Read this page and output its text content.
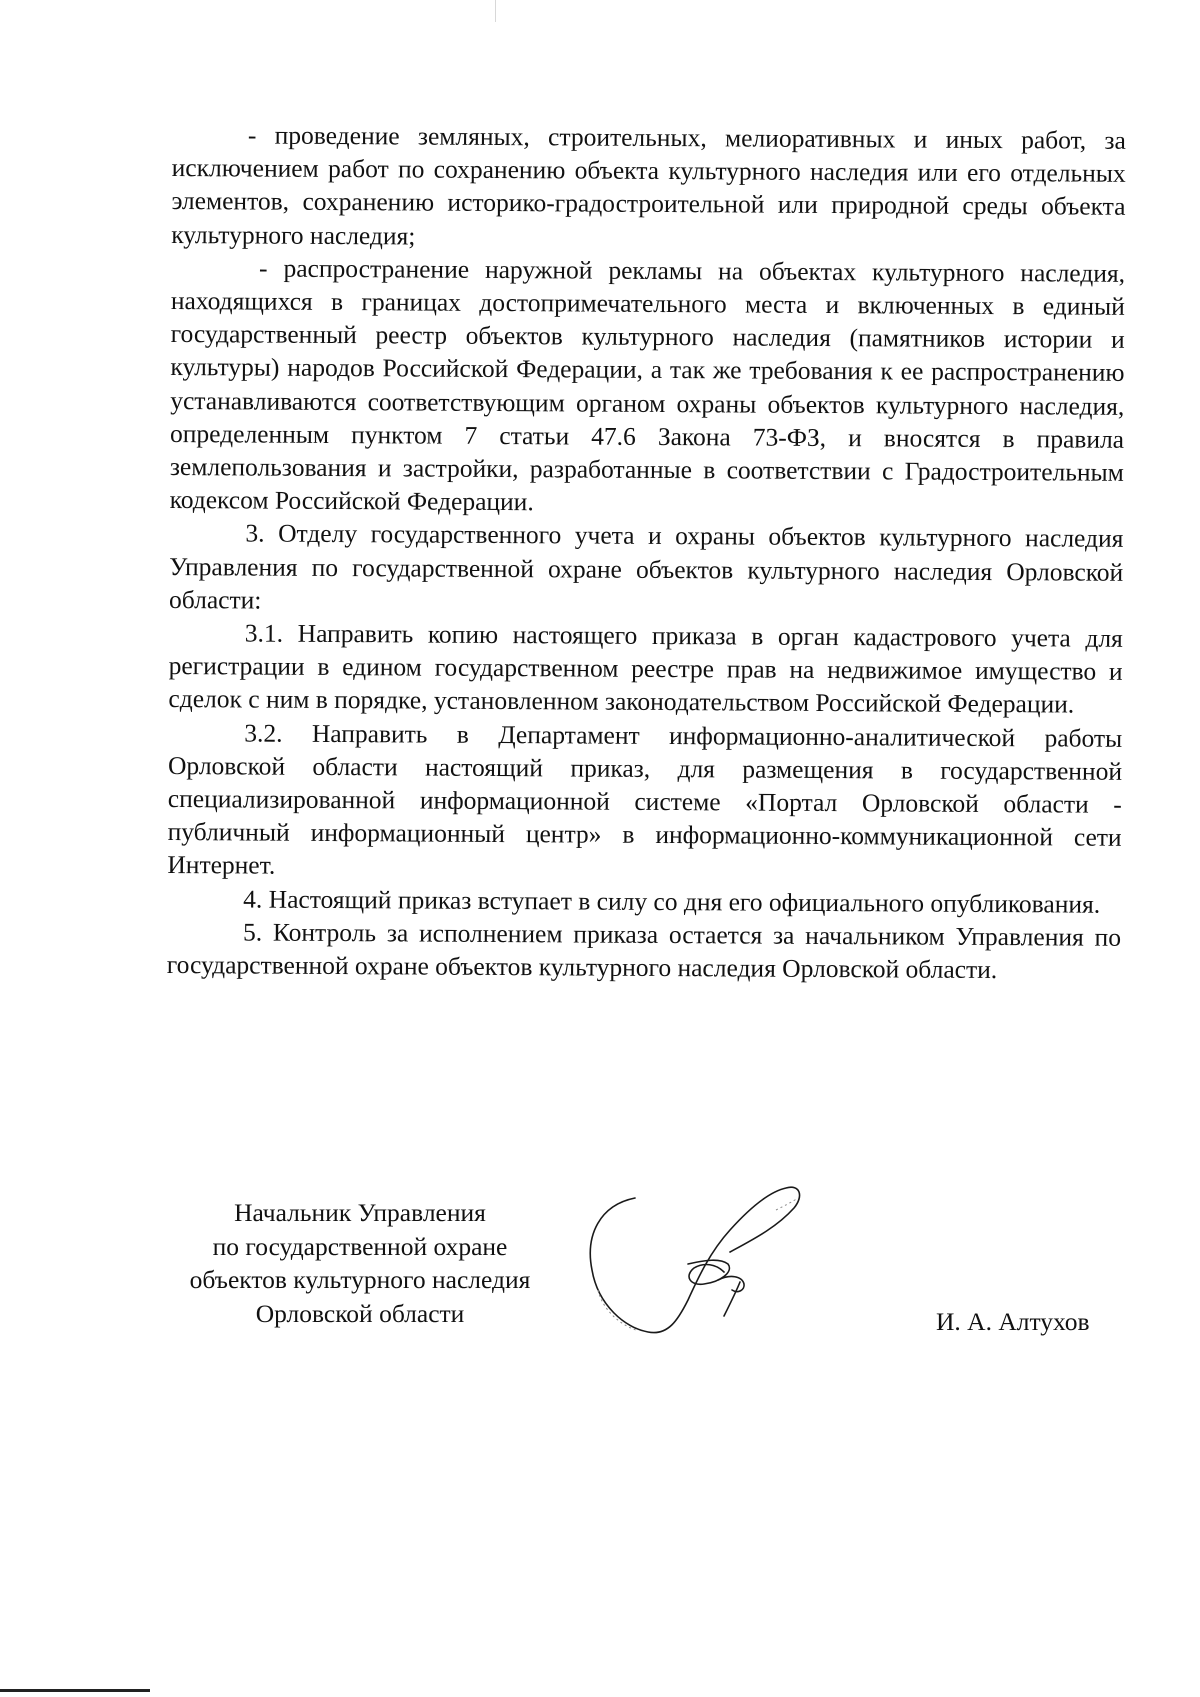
- проведение земляных, строительных, мелиоративных и иных работ, за исключением работ по сохранению объекта культурного наследия или его отдельных элементов, сохранению историко-градостроительной или природной среды объекта культурного наследия;

- распространение наружной рекламы на объектах культурного наследия, находящихся в границах достопримечательного места и включенных в единый государственный реестр объектов культурного наследия (памятников истории и культуры) народов Российской Федерации, а так же требования к ее распространению устанавливаются соответствующим органом охраны объектов культурного наследия, определенным пунктом 7 статьи 47.6 Закона 73-ФЗ, и вносятся в правила землепользования и застройки, разработанные в соответствии с Градостроительным кодексом Российской Федерации.

3. Отделу государственного учета и охраны объектов культурного наследия Управления по государственной охране объектов культурного наследия Орловской области:

3.1. Направить копию настоящего приказа в орган кадастрового учета для регистрации в едином государственном реестре прав на недвижимое имущество и сделок с ним в порядке, установленном законодательством Российской Федерации.

3.2. Направить в Департамент информационно-аналитической работы Орловской области настоящий приказ, для размещения в государственной специализированной информационной системе «Портал Орловской области - публичный информационный центр» в информационно-коммуникационной сети Интернет.

4. Настоящий приказ вступает в силу со дня его официального опубликования.

5. Контроль за исполнением приказа остается за начальником Управления по государственной охране объектов культурного наследия Орловской области.

Начальник Управления
по государственной охране
объектов культурного наследия
Орловской области	И. А. Алтухов
